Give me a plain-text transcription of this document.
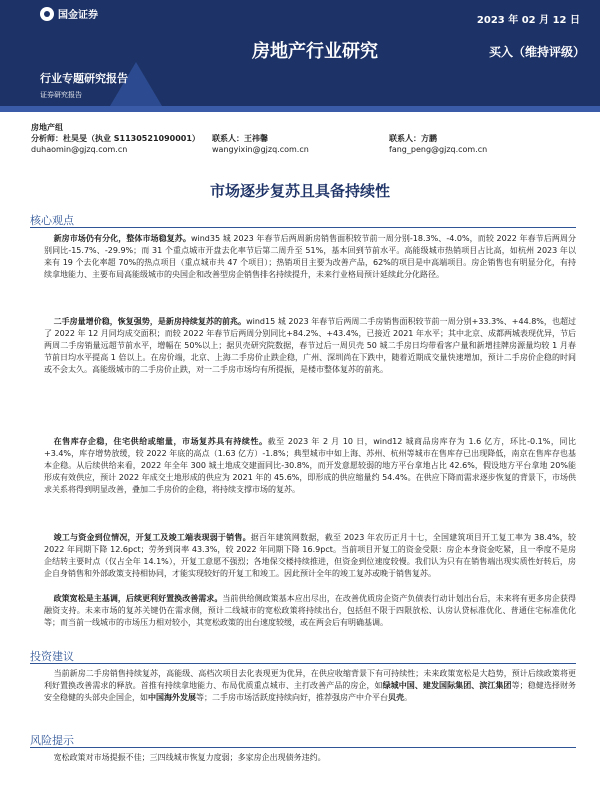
国金证券	2023 年 02 月 12 日
房地产行业研究	买入（维持评级）
行业专题研究报告
证券研究报告
房地产组
分析师：杜昊旻（执业 S1130521090001） 联系人：王祎馨	联系人：方鹏
duhaomin@gjzq.com.cn	wangyixin@gjzq.com.cn	fang_peng@gjzq.com.cn
市场逐步复苏且具备持续性
核心观点
新房市场仍有分化，整体市场稳复苏。wind35 城 2023 年春节后两周新房销售面积较节前一周分别-18.3%、-4.0%，而较 2022 年春节后两周分别同比-15.7%、-29.9%；而 31 个重点城市开盘去化率节后第二周升至 51%，基本回到节前水平。高能级城市热销项目占比高，如杭州 2023 年以来有 19 个去化率超 70%的热点项目（重点城市共 47 个项目）；热销项目主要为改善产品，62%的项目是中高端项目。房企销售也有明显分化，有持续拿地能力、主要布局高能级城市的央国企和改善型房企销售排名持续提升，未来行业格局预计延续此分化路径。
二手房量增价稳，恢复强势，是新房持续复苏的前兆。wind15 城 2023 年春节后两周二手房销售面积较节前一周分别+33.3%、+44.8%，也超过了 2022 年 12 月同均成交面积；而较 2022 年春节后两周分别同比+84.2%、+43.4%，已接近 2021 年水平；其中北京、成都两城表现优异，节后两周二手房销量远超节前水平，增幅在 50%以上；据贝壳研究院数据，春节过后一周贝壳 50 城二手房日均带看客户量和新增挂牌房源量均较 1 月春节前日均水平提高 1 倍以上。在房价端，北京、上海二手房价止跌企稳，广州、深圳尚在下跌中，随着近期成交量快速增加，预计二手房价企稳的时间或不会太久。高能级城市的二手房价止跌，对一二手房市场均有所提振，是楼市整体复苏的前兆。
在售库存企稳，住宅供给或缩量，市场复苏具有持续性。截至 2023 年 2 月 10 日，wind12 城商品房库存为 1.6 亿方，环比-0.1%，同比+3.4%，库存增势放缓，较 2022 年底的高点（1.63 亿方）-1.8%；典型城市中如上海、苏州、杭州等城市在售库存已出现降低，南京在售库存也基本企稳。从后续供给来看，2022 年全年 300 城土地成交建面同比-30.8%，而开发意愿较弱的地方平台拿地占比 42.6%，假设地方平台拿地 20%能形成有效供应，预计 2022 年成交土地形成的供应为 2021 年的 45.6%，即形成的供应缩量约 54.4%。在供应下降而需求逐步恢复的背景下，市场供求关系将得到明显改善，叠加二手房价的企稳，将持续支撑市场的复苏。
竣工与资金到位情况，开复工及竣工端表现弱于销售。据百年建筑网数据，截至 2023 年农历正月十七，全国建筑项目开工复工率为 38.4%，较 2022 年同期下降 12.6pct；劳务到岗率 43.3%，较 2022 年同期下降 16.9pct。当前项目开复工的资金受限：房企本身资金吃紧，且一季度不是房企结转主要时点（仅占全年 14.1%），开复工意愿不强烈；各地保交楼持续推进，但资金到位速度较慢。我们认为只有在销售端出现实质性好转后，房企自身销售和外部政策支持相协同，才能实现较好的开复工和竣工。因此预计全年的竣工复苏或晚于销售复苏。
政策宽松是主基调，后续更利好置换改善需求。当前供给侧政策基本应出尽出，在改善优质房企资产负债表行动计划出台后，未来将有更多房企获得融资支持。未来市场的复苏关键仍在需求侧，预计二线城市的宽松政策将持续出台，包括但不限于四限放松、认房认贷标准优化、普通住宅标准优化等；而当前一线城市的市场压力相对较小，其宽松政策的出台速度较缓，或在两会后有明确基调。
投资建议
当前新房二手房销售持续复苏，高能级、高档次项目去化表现更为优异，在供应收缩背景下有可持续性；未来政策宽松是大趋势，预计后续政策将更利好置换改善需求的释放。首推有持续拿地能力、布局优质重点城市、主打改善产品的房企，如绿城中国、建发国际集团、滨江集团等；稳健选择财务安全稳健的头部央企国企，如中国海外发展等；二手房市场活跃度持续向好，推荐强房产中介平台贝壳。
风险提示
宽松政策对市场提振不佳；三四线城市恢复力度弱；多家房企出现债务违约。
